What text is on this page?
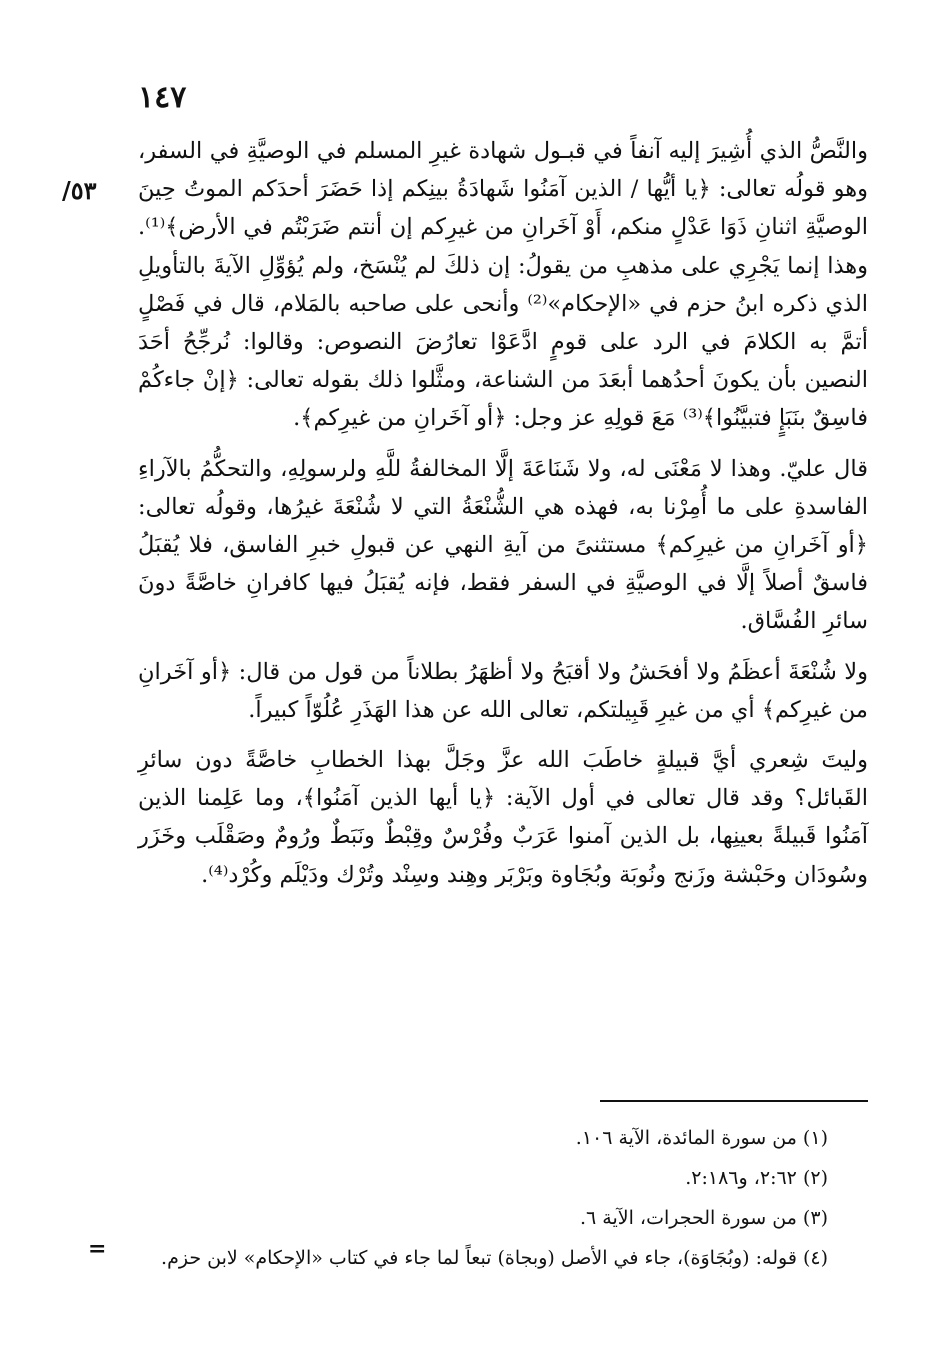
١٤٧
/٥٣

والنَّصُّ الذي أُشِيرَ إليه آنفاً في قبـول شهادة غيرِ المسلم في الوصيَّةِ في السفر، وهو قولُه تعالى: ﴿يا أيُّها / الذين آمَنُوا شَهادَةُ بينِكم إذا حَضَرَ أحدَكم الموتُ حِينَ الوصيَّةِ اثنانِ ذَوَا عَدْلٍ منكم، أَوْ آخَرانِ من غيرِكم إن أنتم ضَرَبْتُم في الأرض﴾⁽¹⁾. وهذا إنما يَجْرِي على مذهبِ من يقولُ: إن ذلكَ لم يُنْسَخ، ولم يُؤوِّلِ الآيةَ بالتأويلِ الذي ذكره ابنُ حزم في «الإحكام»⁽²⁾ وأنحى على صاحبه بالمَلام، قال في فَصْلٍ أتمَّ به الكلامَ في الرد على قومٍ ادَّعَوْا تعارُضَ النصوص: وقالوا: نُرجِّحُ أحَدَ النصين بأن يكونَ أحدُهما أبعَدَ من الشناعة، ومثَّلوا ذلك بقوله تعالى: ﴿إنْ جاءكُمْ فاسِقٌ بنَبَإٍ فتبيَّنُوا﴾⁽³⁾ مَعَ قولِهِ عز وجل: ﴿أو آخَرانِ من غيرِكم﴾.

قال عليّ. وهذا لا مَعْنَى له، ولا شَنَاعَةَ إلَّا المخالفةُ للَّهِ ولرسولِهِ، والتحكُّمُ بالآراءِ الفاسدةِ على ما أُمِرْنا به، فهذه هي الشُّنْعَةُ التي لا شُنْعَةَ غيرُها، وقولُه تعالى: ﴿أو آخَرانِ من غيرِكم﴾ مستثنىً من آيةِ النهي عن قبولِ خبرِ الفاسق، فلا يُقبَلُ فاسقٌ أصلاً إلَّا في الوصيَّةِ في السفر فقط، فإنه يُقبَلُ فيها كافرانِ خاصَّةً دونَ سائرِ الفُسَّاق.

ولا شُنْعَةَ أعظَمُ ولا أفحَشُ ولا أقبَحُ ولا أظهَرُ بطلاناً من قول من قال: ﴿أو آخَرانِ من غيرِكم﴾ أي من غيرِ قَبِيلتكم، تعالى الله عن هذا الهَذَرِ عُلُوّاً كبيراً.

وليتَ شِعري أيَّ قبيلةٍ خاطَبَ الله عزَّ وجَلَّ بهذا الخطابِ خاصَّةً دون سائرِ القَبائل؟ وقد قال تعالى في أول الآية: ﴿يا أيها الذين آمَنُوا﴾، وما عَلِمنا الذين آمَنُوا قَبيلةً بعينِها، بل الذين آمنوا عَرَبٌ وفُرْسٌ وقِبْطٌ ونَبَطٌ ورُومٌ وصَقْلَب وخَزَر وسُودَان وحَبْشة وزَنج ونُوبَة وبُجَاوة وبَرْبَر وهِند وسِنْد وتُرْك ودَيْلَم وكُرْد⁽⁴⁾.

(١) من سورة المائدة، الآية ١٠٦.

(٢) ٢:٦٢، و٢:١٨٦.

(٣) من سورة الحجرات، الآية ٦.

(٤) قوله: (وبُجَاوَة)، جاء في الأصل (وبجاة) تبعاً لما جاء في كتاب «الإحكام» لابن حزم.

=
